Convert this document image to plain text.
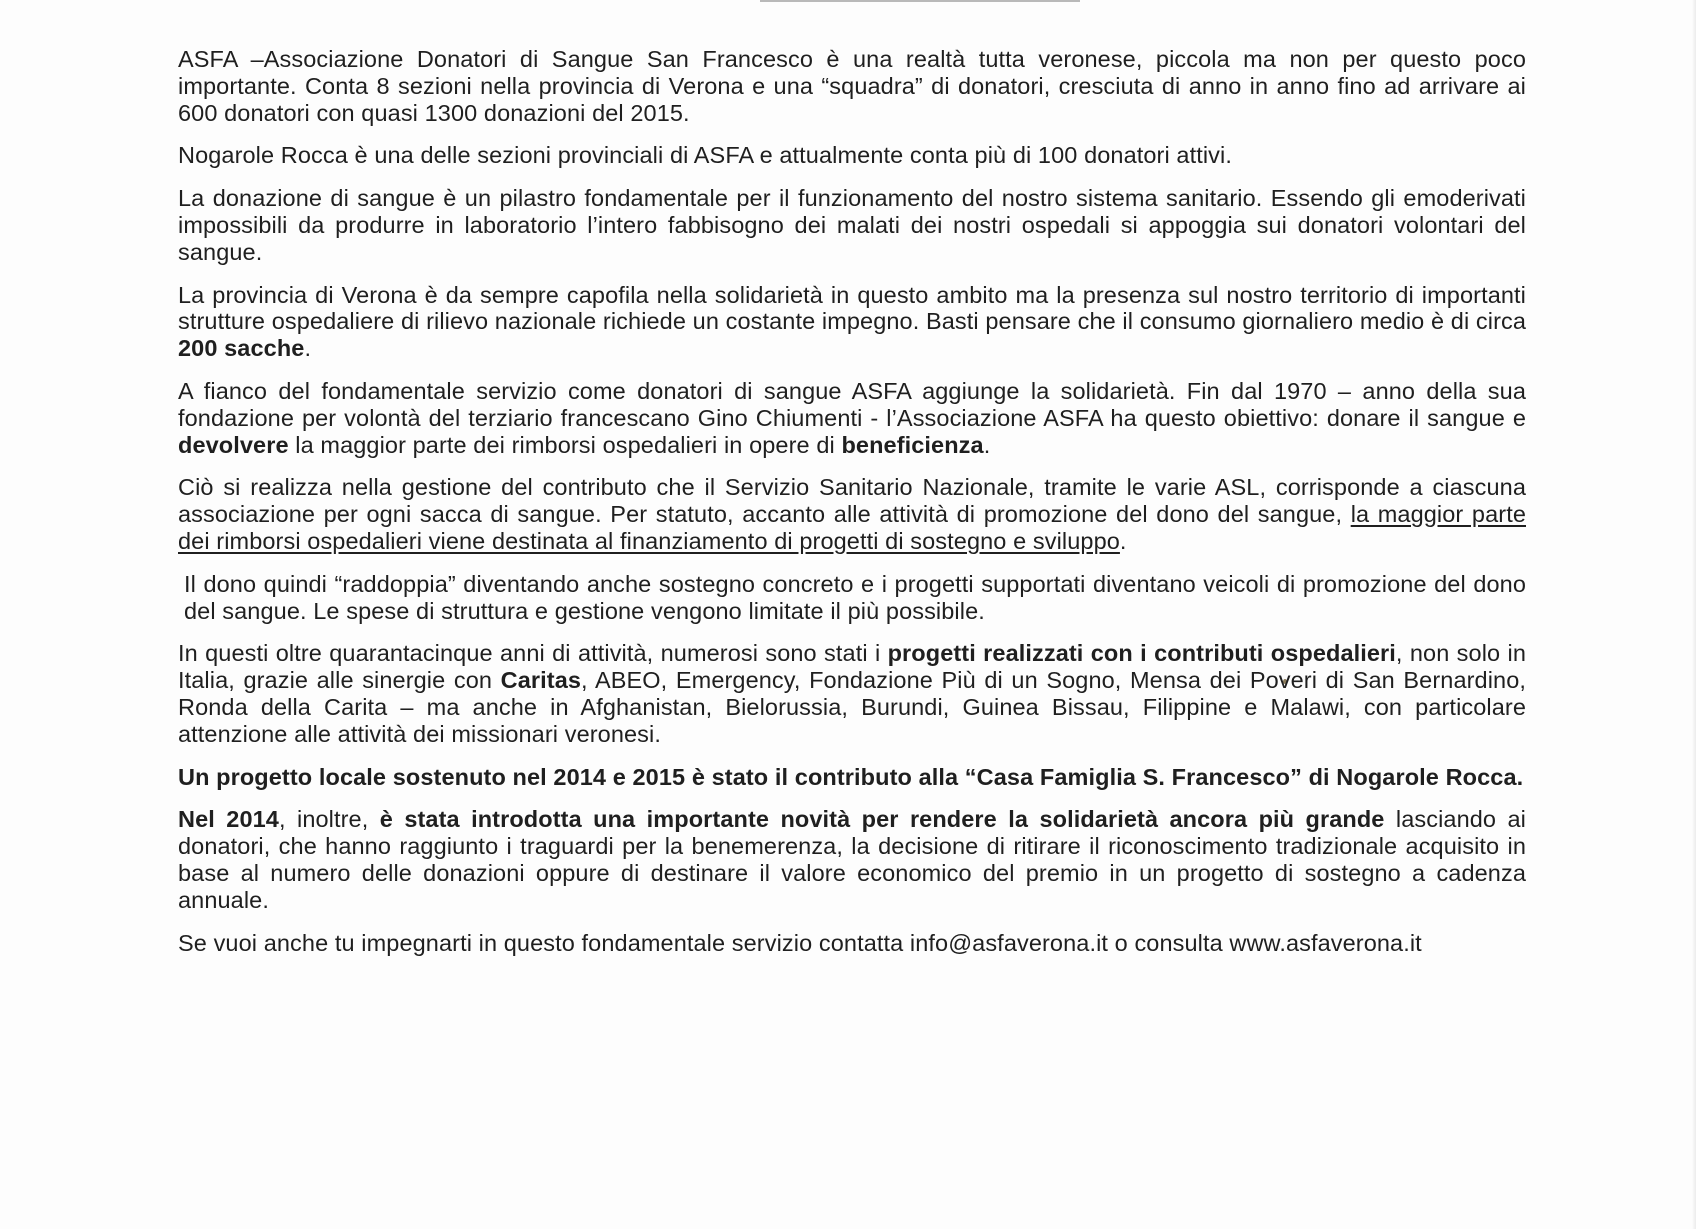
ASFA –Associazione Donatori di Sangue San Francesco è una realtà tutta veronese, piccola ma non per questo poco importante. Conta 8 sezioni nella provincia di Verona e una “squadra” di donatori, cresciuta di anno in anno fino ad arrivare ai 600 donatori con quasi 1300 donazioni del 2015.

Nogarole Rocca è una delle sezioni provinciali di ASFA e attualmente conta più di 100 donatori attivi.

La donazione di sangue è un pilastro fondamentale per il funzionamento del nostro sistema sanitario. Essendo gli emoderivati impossibili da produrre in laboratorio l’intero fabbisogno dei malati dei nostri ospedali si appoggia sui donatori volontari del sangue.

La provincia di Verona è da sempre capofila nella solidarietà in questo ambito ma la presenza sul nostro territorio di importanti strutture ospedaliere di rilievo nazionale richiede un costante impegno. Basti pensare che il consumo giornaliero medio è di circa 200 sacche.

A fianco del fondamentale servizio come donatori di sangue ASFA aggiunge la solidarietà. Fin dal 1970 – anno della sua fondazione per volontà del terziario francescano Gino Chiumenti - l’Associazione ASFA ha questo obiettivo: donare il sangue e devolvere la maggior parte dei rimborsi ospedalieri in opere di beneficienza.

Ciò si realizza nella gestione del contributo che il Servizio Sanitario Nazionale, tramite le varie ASL, corrisponde a ciascuna associazione per ogni sacca di sangue. Per statuto, accanto alle attività di promozione del dono del sangue, la maggior parte dei rimborsi ospedalieri viene destinata al finanziamento di progetti di sostegno e sviluppo.

Il dono quindi “raddoppia” diventando anche sostegno concreto e i progetti supportati diventano veicoli di promozione del dono del sangue. Le spese di struttura e gestione vengono limitate il più possibile.

In questi oltre quarantacinque anni di attività, numerosi sono stati i progetti realizzati con i contributi ospedalieri, non solo in Italia, grazie alle sinergie con Caritas, ABEO, Emergency, Fondazione Più di un Sogno, Mensa dei Poveri di San Bernardino, Ronda della Carita – ma anche in Afghanistan, Bielorussia, Burundi, Guinea Bissau, Filippine e Malawi, con particolare attenzione alle attività dei missionari veronesi.

Un progetto locale sostenuto nel 2014 e 2015 è stato il contributo alla “Casa Famiglia S. Francesco” di Nogarole Rocca.

Nel 2014, inoltre, è stata introdotta una importante novità per rendere la solidarietà ancora più grande lasciando ai donatori, che hanno raggiunto i traguardi per la benemerenza, la decisione di ritirare il riconoscimento tradizionale acquisito in base al numero delle donazioni oppure di destinare il valore economico del premio in un progetto di sostegno a cadenza annuale.

Se vuoi anche tu impegnarti in questo fondamentale servizio contatta info@asfaverona.it o consulta www.asfaverona.it
